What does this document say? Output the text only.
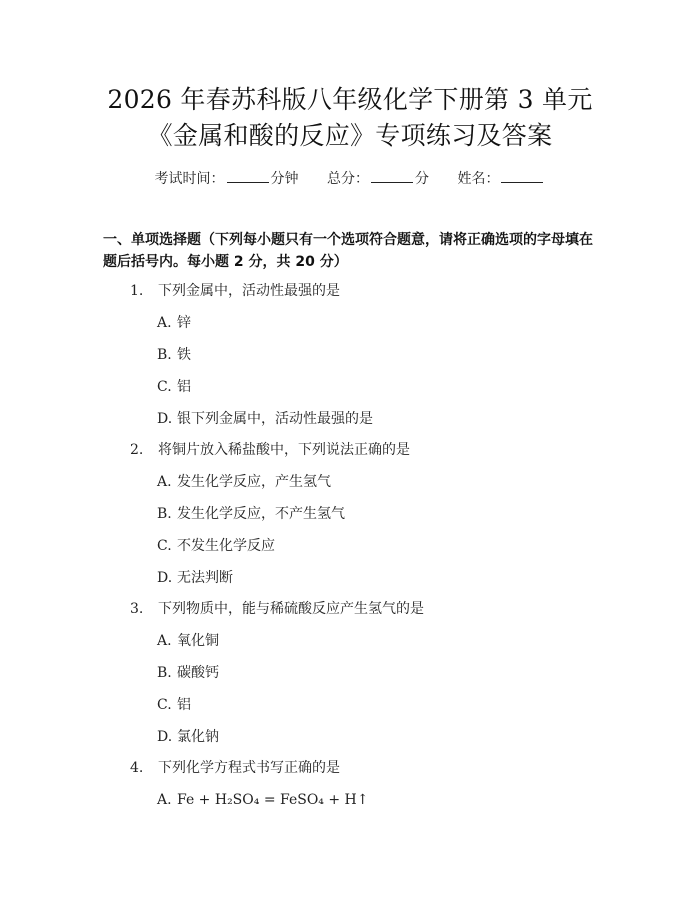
2026 年春苏科版八年级化学下册第 3 单元
《金属和酸的反应》专项练习及答案
考试时间：	分钟 总分：	分 姓名：
一、单项选择题（下列每小题只有一个选项符合题意，请将正确选项的字母填在题后括号内。每小题 2 分，共 20 分）
1. 下列金属中，活动性最强的是
A. 锌
B. 铁
C. 铝
D. 银下列金属中，活动性最强的是
2. 将铜片放入稀盐酸中，下列说法正确的是
A. 发生化学反应，产生氢气
B. 发生化学反应，不产生氢气
C. 不发生化学反应
D. 无法判断
3. 下列物质中，能与稀硫酸反应产生氢气的是
A. 氧化铜
B. 碳酸钙
C. 铝
D. 氯化钠
4. 下列化学方程式书写正确的是
A. Fe + H₂SO₄ = FeSO₄ + H↑
